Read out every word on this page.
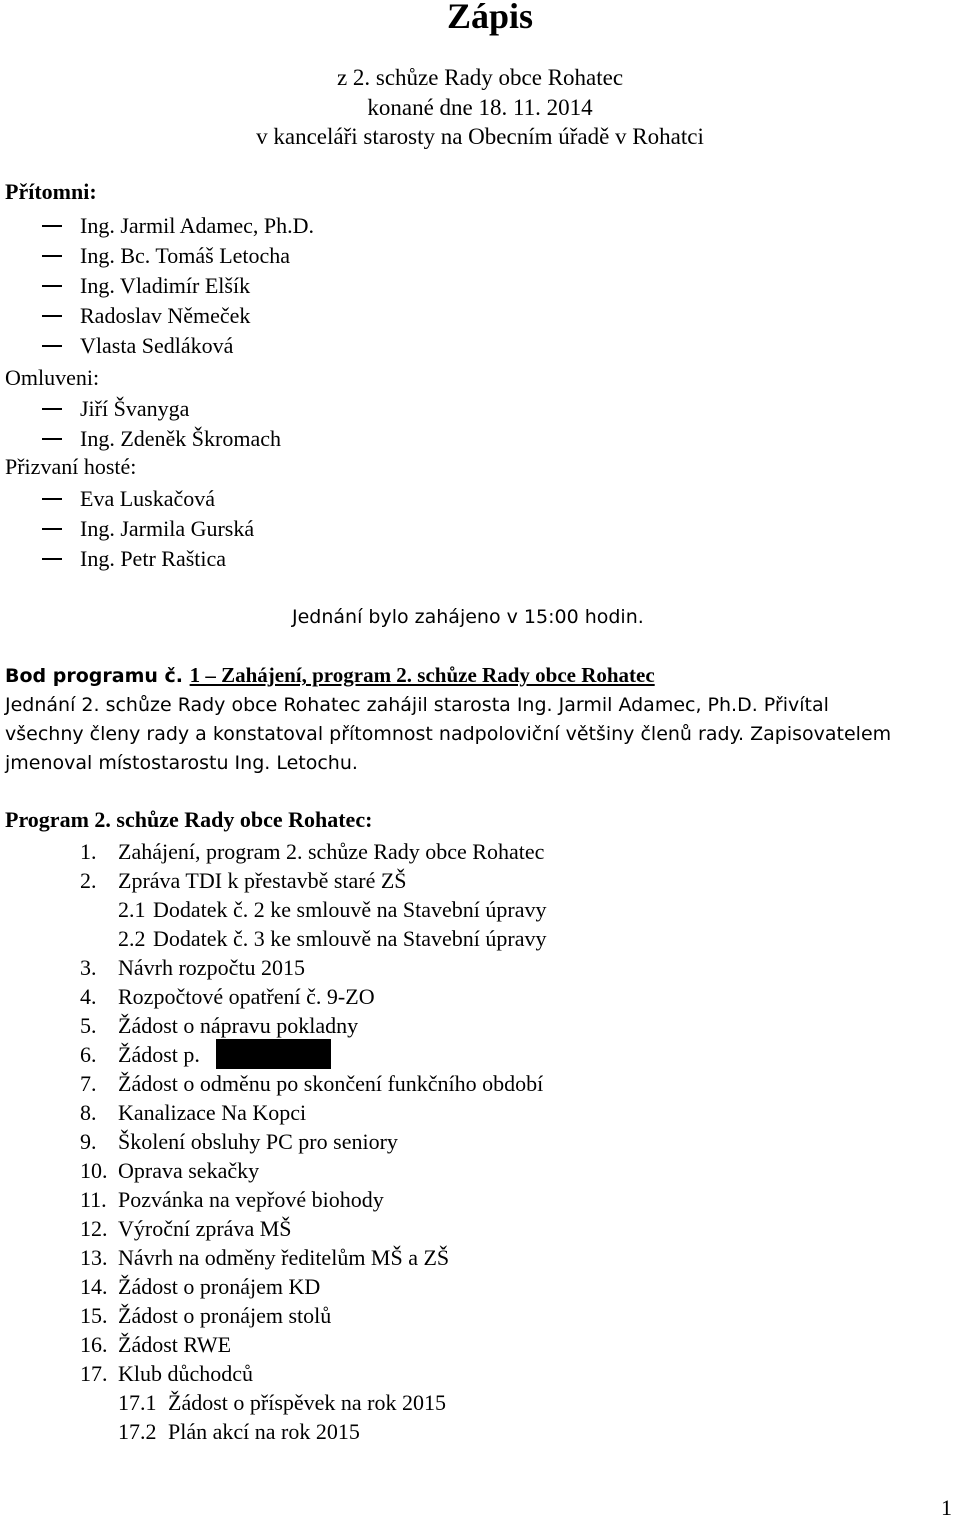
Zápis
z 2. schůze Rady obce Rohatec
konané dne 18. 11. 2014
v kanceláři starosty na Obecním úřadě v Rohatci
Přítomni:
Ing. Jarmil Adamec, Ph.D.
Ing. Bc. Tomáš Letocha
Ing. Vladimír Elšík
Radoslav Němeček
Vlasta Sedláková
Omluveni:
Jiří Švanyga
Ing. Zdeněk Škromach
Přizvaní hosté:
Eva Luskačová
Ing. Jarmila Gurská
Ing. Petr Raštica
Jednání bylo zahájeno v 15:00 hodin.
Bod programu č. 1 – Zahájení, program 2. schůze Rady obce Rohatec
Jednání 2. schůze Rady obce Rohatec zahájil starosta Ing. Jarmil Adamec, Ph.D. Přivítal
všechny členy rady a konstatoval přítomnost nadpoloviční většiny členů rady. Zapisovatelem
jmenoval místostarostu Ing. Letochu.
Program 2. schůze Rady obce Rohatec:
1. Zahájení, program 2. schůze Rady obce Rohatec
2. Zpráva TDI k přestavbě staré ZŠ
2.1 Dodatek č. 2 ke smlouvě na Stavební úpravy
2.2 Dodatek č. 3 ke smlouvě na Stavební úpravy
3. Návrh rozpočtu 2015
4. Rozpočtové opatření č. 9-ZO
5. Žádost o nápravu pokladny
6. Žádost p.
7. Žádost o odměnu po skončení funkčního období
8. Kanalizace Na Kopci
9. Školení obsluhy PC pro seniory
10. Oprava sekačky
11. Pozvánka na vepřové biohody
12. Výroční zpráva MŠ
13. Návrh na odměny ředitelům MŠ a ZŠ
14. Žádost o pronájem KD
15. Žádost o pronájem stolů
16. Žádost RWE
17. Klub důchodců
17.1 Žádost o příspěvek na rok 2015
17.2 Plán akcí na rok 2015
1
